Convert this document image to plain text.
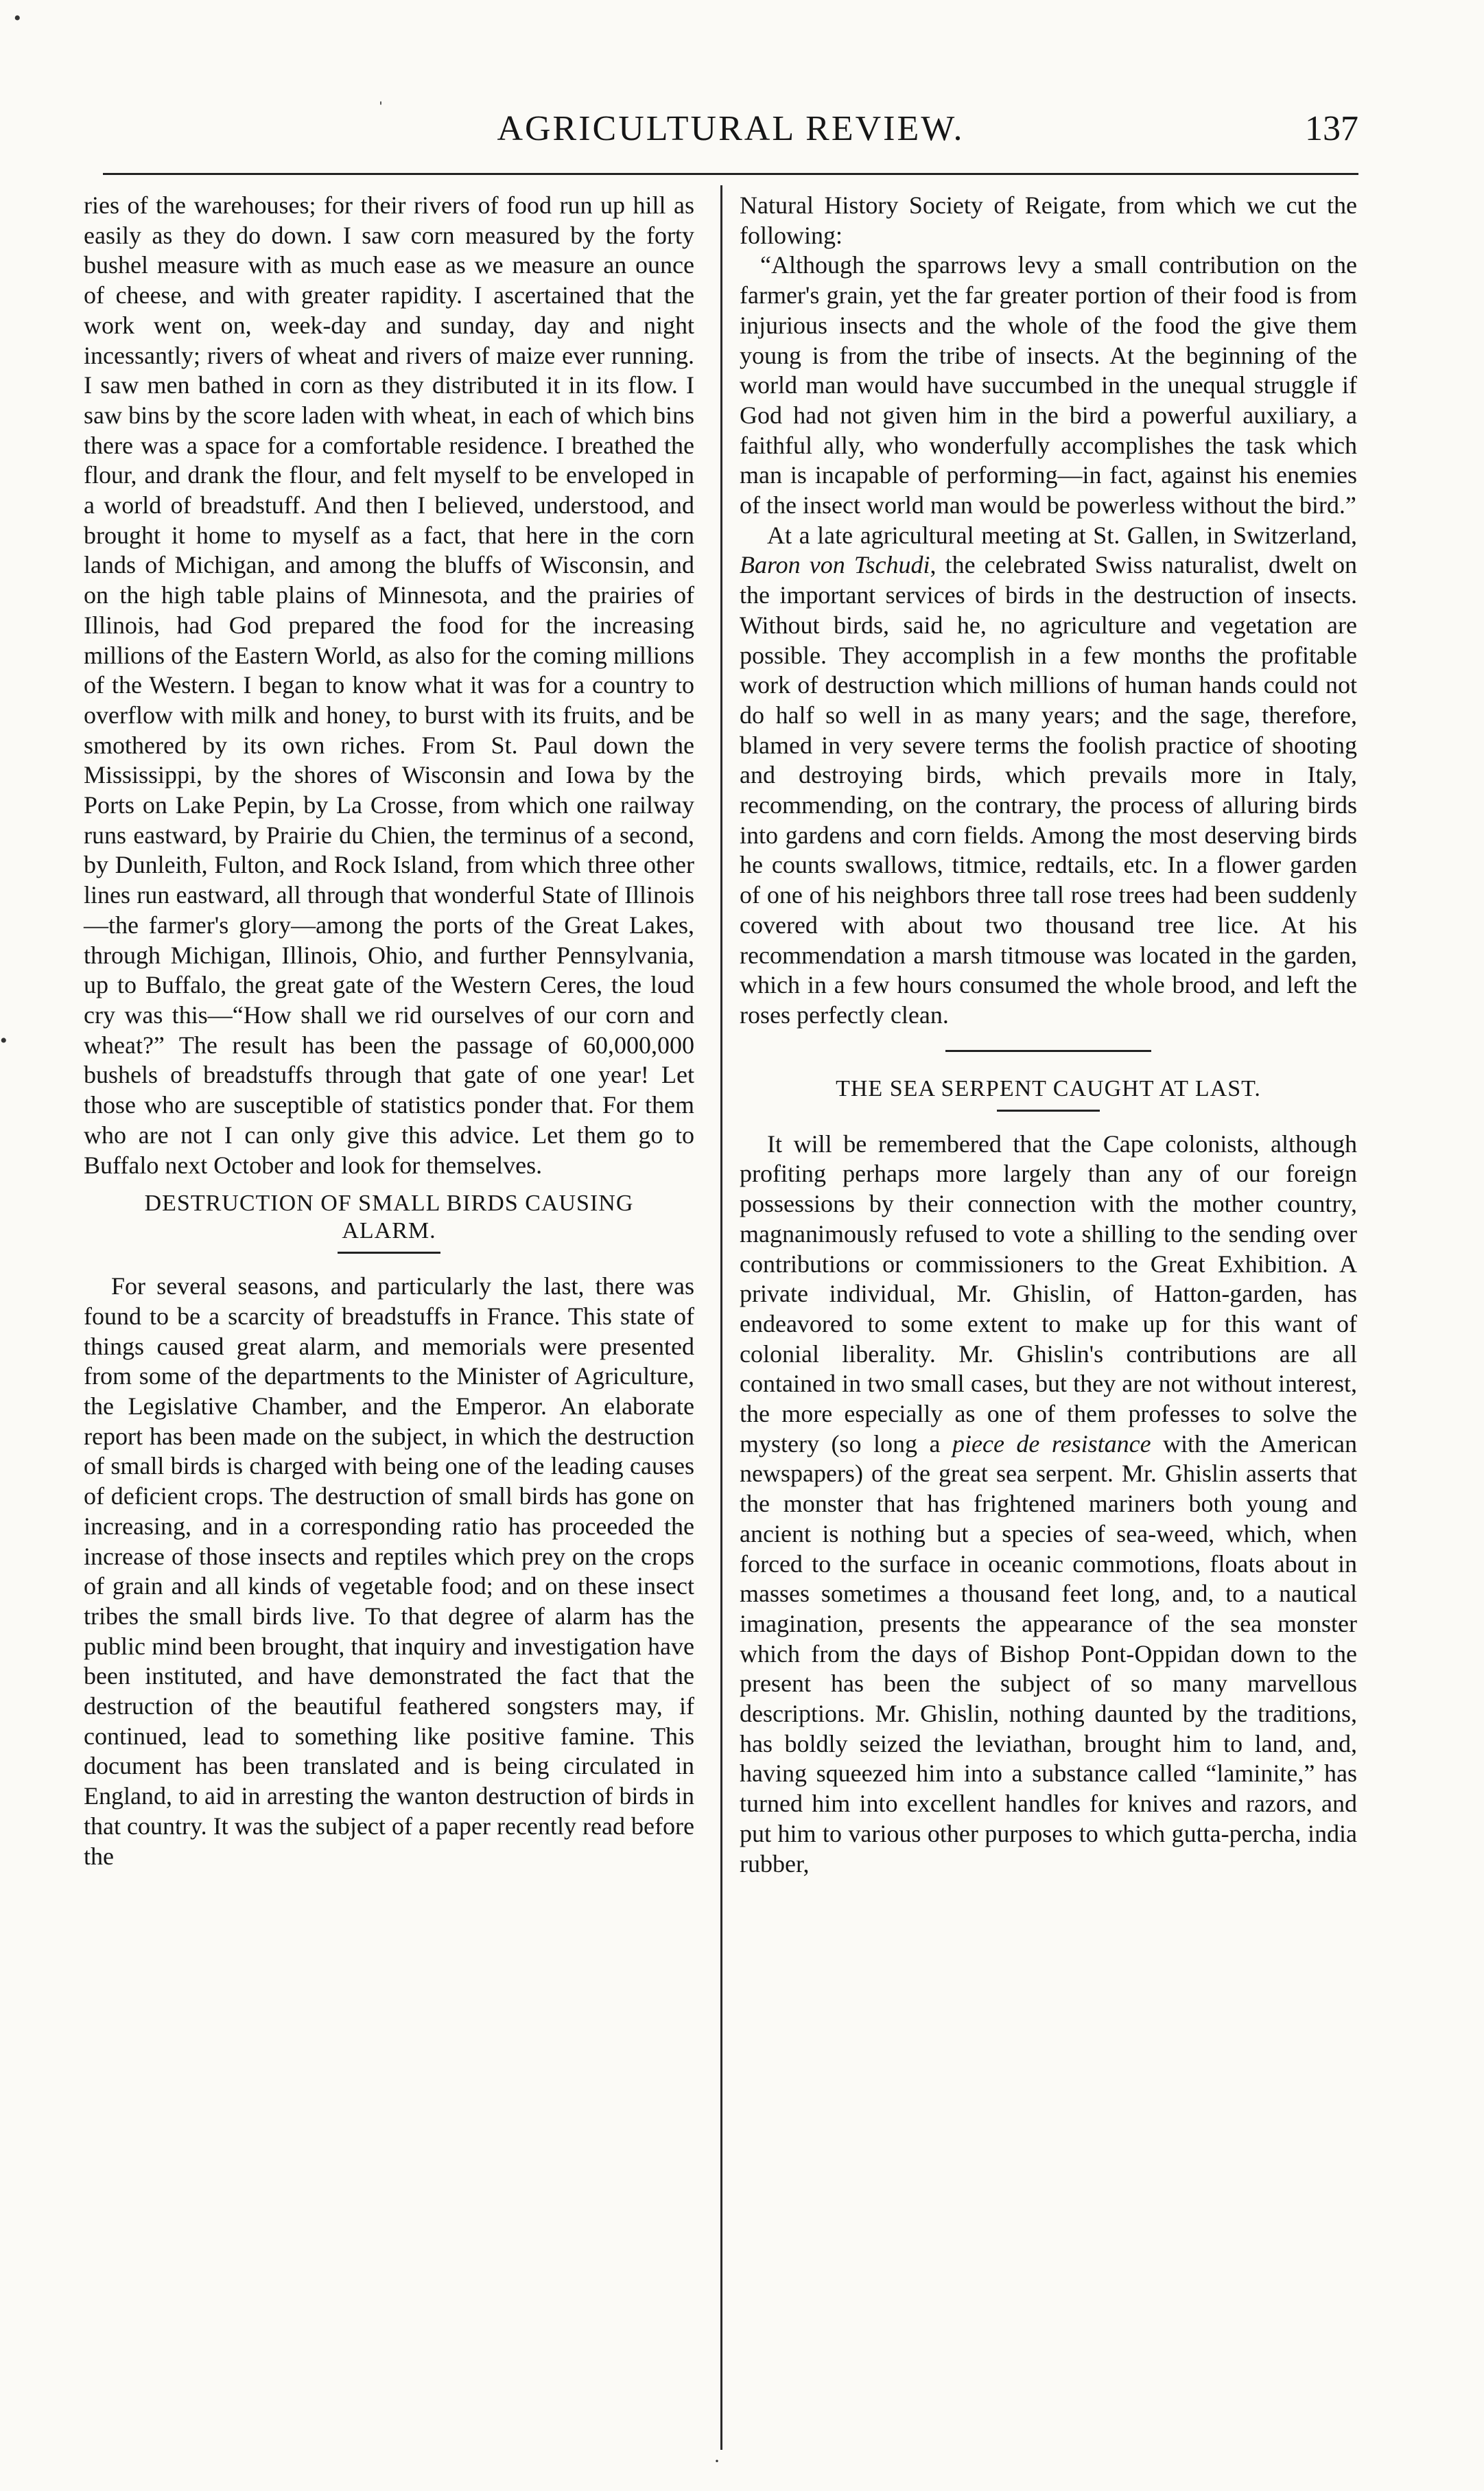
•
ˌ
•
·
AGRICULTURAL REVIEW.	137

ries of the warehouses; for their rivers of food run up hill as easily as they do down. I saw corn measured by the forty bushel measure with as much ease as we measure an ounce of cheese, and with greater rapidity. I ascertained that the work went on, week-day and sunday, day and night incessantly; rivers of wheat and rivers of maize ever running. I saw men bathed in corn as they distributed it in its flow. I saw bins by the score laden with wheat, in each of which bins there was a space for a comfortable residence. I breathed the flour, and drank the flour, and felt myself to be enveloped in a world of breadstuff. And then I believed, understood, and brought it home to myself as a fact, that here in the corn lands of Michigan, and among the bluffs of Wisconsin, and on the high table plains of Minnesota, and the prairies of Illinois, had God prepared the food for the increasing millions of the Eastern World, as also for the coming millions of the Western. I began to know what it was for a country to overflow with milk and honey, to burst with its fruits, and be smothered by its own riches. From St. Paul down the Mississippi, by the shores of Wisconsin and Iowa by the Ports on Lake Pepin, by La Crosse, from which one railway runs eastward, by Prairie du Chien, the terminus of a second, by Dunleith, Fulton, and Rock Island, from which three other lines run eastward, all through that wonderful State of Illinois—the farmer's glory—among the ports of the Great Lakes, through Michigan, Illinois, Ohio, and further Pennsylvania, up to Buffalo, the great gate of the Western Ceres, the loud cry was this—“How shall we rid ourselves of our corn and wheat?” The result has been the passage of 60,000,000 bushels of breadstuffs through that gate of one year! Let those who are susceptible of statistics ponder that. For them who are not I can only give this advice. Let them go to Buffalo next October and look for themselves.

DESTRUCTION OF SMALL BIRDS CAUSING ALARM.

For several seasons, and particularly the last, there was found to be a scarcity of breadstuffs in France. This state of things caused great alarm, and memorials were presented from some of the departments to the Minister of Agriculture, the Legislative Chamber, and the Emperor. An elaborate report has been made on the subject, in which the destruction of small birds is charged with being one of the leading causes of deficient crops. The destruction of small birds has gone on increasing, and in a corresponding ratio has proceeded the increase of those insects and reptiles which prey on the crops of grain and all kinds of vegetable food; and on these insect tribes the small birds live. To that degree of alarm has the public mind been brought, that inquiry and investigation have been instituted, and have demonstrated the fact that the destruction of the beautiful feathered songsters may, if continued, lead to something like positive famine. This document has been translated and is being circulated in England, to aid in arresting the wanton destruction of birds in that country. It was the subject of a paper recently read before the

Natural History Society of Reigate, from which we cut the following:

“Although the sparrows levy a small contribution on the farmer's grain, yet the far greater portion of their food is from injurious insects and the whole of the food the give them young is from the tribe of insects. At the beginning of the world man would have succumbed in the unequal struggle if God had not given him in the bird a powerful auxiliary, a faithful ally, who wonderfully accomplishes the task which man is incapable of performing—in fact, against his enemies of the insect world man would be powerless without the bird.”

At a late agricultural meeting at St. Gallen, in Switzerland, Baron von Tschudi, the celebrated Swiss naturalist, dwelt on the important services of birds in the destruction of insects. Without birds, said he, no agriculture and vegetation are possible. They accomplish in a few months the profitable work of destruction which millions of human hands could not do half so well in as many years; and the sage, therefore, blamed in very severe terms the foolish practice of shooting and destroying birds, which prevails more in Italy, recommending, on the contrary, the process of alluring birds into gardens and corn fields. Among the most deserving birds he counts swallows, titmice, redtails, etc. In a flower garden of one of his neighbors three tall rose trees had been suddenly covered with about two thousand tree lice. At his recommendation a marsh titmouse was located in the garden, which in a few hours consumed the whole brood, and left the roses perfectly clean.

THE SEA SERPENT CAUGHT AT LAST.

It will be remembered that the Cape colonists, although profiting perhaps more largely than any of our foreign possessions by their connection with the mother country, magnanimously refused to vote a shilling to the sending over contributions or commissioners to the Great Exhibition. A private individual, Mr. Ghislin, of Hatton-garden, has endeavored to some extent to make up for this want of colonial liberality. Mr. Ghislin's contributions are all contained in two small cases, but they are not without interest, the more especially as one of them professes to solve the mystery (so long a piece de resistance with the American newspapers) of the great sea serpent. Mr. Ghislin asserts that the monster that has frightened mariners both young and ancient is nothing but a species of sea-weed, which, when forced to the surface in oceanic commotions, floats about in masses sometimes a thousand feet long, and, to a nautical imagination, presents the appearance of the sea monster which from the days of Bishop Pont-Oppidan down to the present has been the subject of so many marvellous descriptions. Mr. Ghislin, nothing daunted by the traditions, has boldly seized the leviathan, brought him to land, and, having squeezed him into a substance called “laminite,” has turned him into excellent handles for knives and razors, and put him to various other purposes to which gutta-percha, india rubber,
